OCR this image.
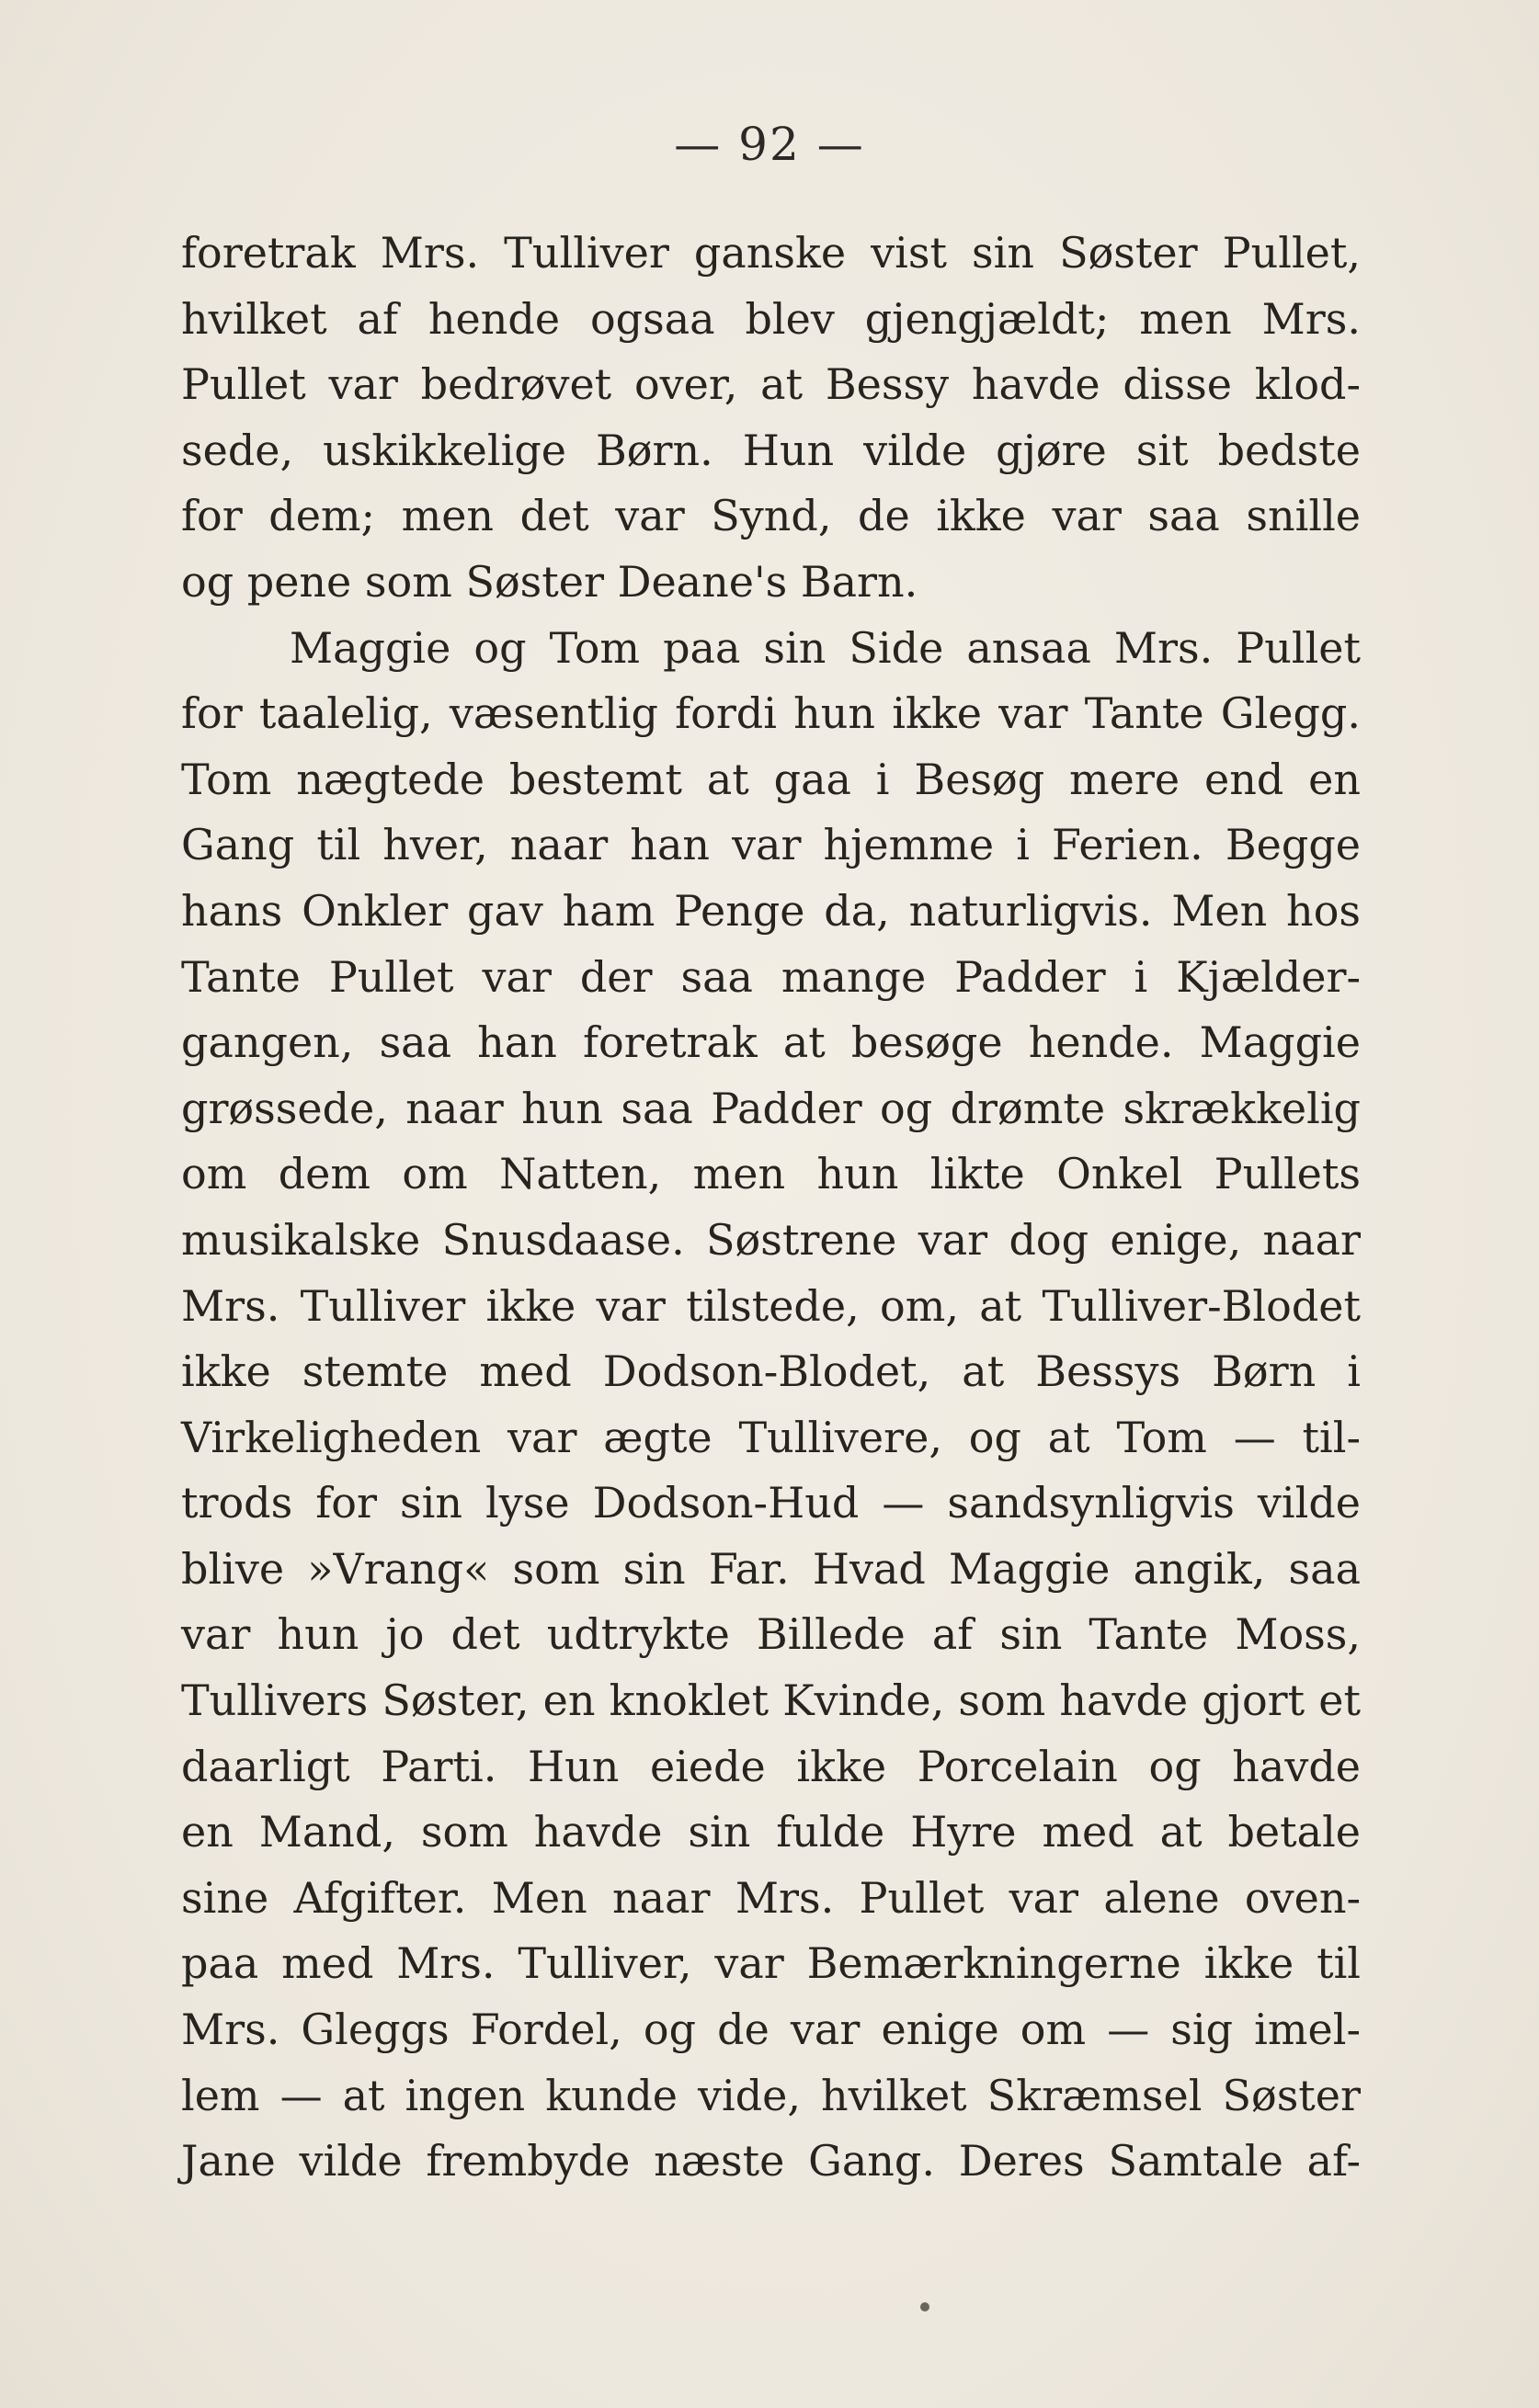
— 92 —
foretrak Mrs. Tulliver ganske vist sin Søster Pullet,
hvilket af hende ogsaa blev gjengjældt; men Mrs.
Pullet var bedrøvet over, at Bessy havde disse klod-
sede, uskikkelige Børn. Hun vilde gjøre sit bedste
for dem; men det var Synd, de ikke var saa snille
og pene som Søster Deane's Barn.
Maggie og Tom paa sin Side ansaa Mrs. Pullet
for taalelig, væsentlig fordi hun ikke var Tante Glegg.
Tom nægtede bestemt at gaa i Besøg mere end en
Gang til hver, naar han var hjemme i Ferien. Begge
hans Onkler gav ham Penge da, naturligvis. Men hos
Tante Pullet var der saa mange Padder i Kjælder-
gangen, saa han foretrak at besøge hende. Maggie
grøssede, naar hun saa Padder og drømte skrækkelig
om dem om Natten, men hun likte Onkel Pullets
musikalske Snusdaase. Søstrene var dog enige, naar
Mrs. Tulliver ikke var tilstede, om, at Tulliver-Blodet
ikke stemte med Dodson-Blodet, at Bessys Børn i
Virkeligheden var ægte Tullivere, og at Tom — til-
trods for sin lyse Dodson-Hud — sandsynligvis vilde
blive »Vrang« som sin Far. Hvad Maggie angik, saa
var hun jo det udtrykte Billede af sin Tante Moss,
Tullivers Søster, en knoklet Kvinde, som havde gjort et
daarligt Parti. Hun eiede ikke Porcelain og havde
en Mand, som havde sin fulde Hyre med at betale
sine Afgifter. Men naar Mrs. Pullet var alene oven-
paa med Mrs. Tulliver, var Bemærkningerne ikke til
Mrs. Gleggs Fordel, og de var enige om — sig imel-
lem — at ingen kunde vide, hvilket Skræmsel Søster
Jane vilde frembyde næste Gang. Deres Samtale af-
